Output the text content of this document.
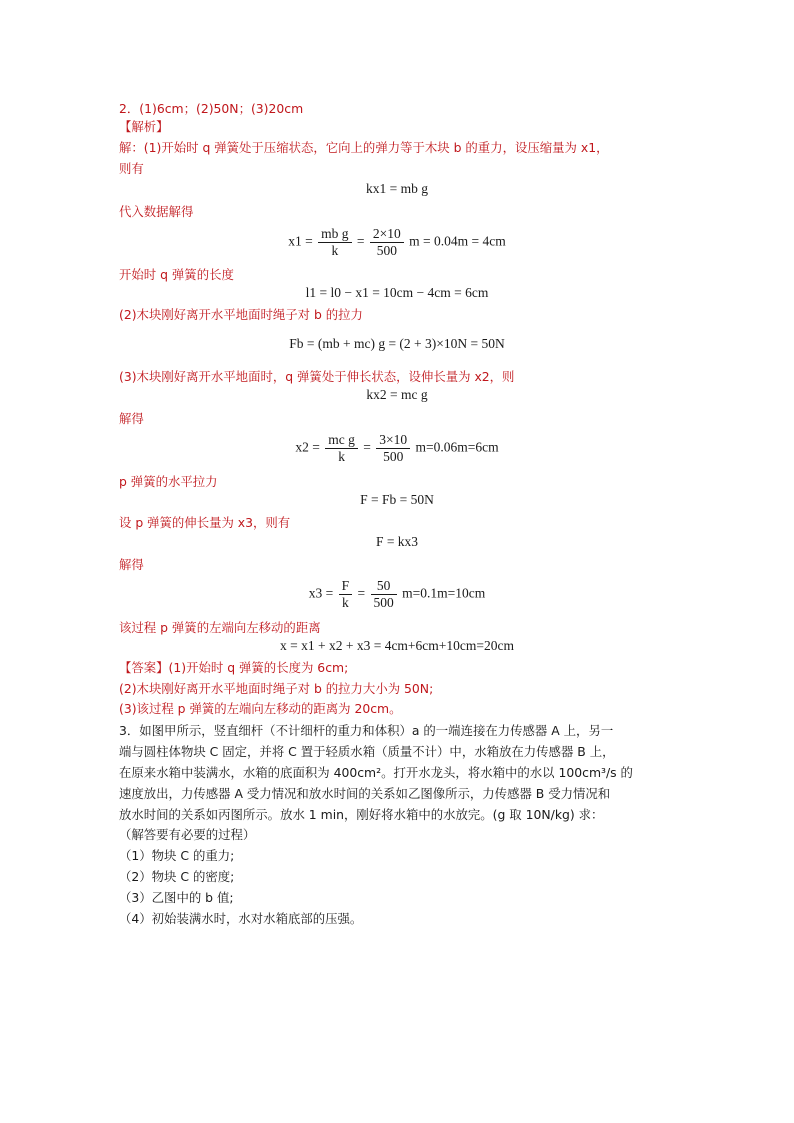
2．(1)6cm；(2)50N；(3)20cm
【解析】
解：(1)开始时 q 弹簧处于压缩状态，它向上的弹力等于木块 b 的重力，设压缩量为 x1，
则有
kx1 = mb g
代入数据解得
$x1 = \frac{\text{mb g}}{k} = \frac{2\times 10}{500}$ m = 0.04m = 4cm
开始时 q 弹簧的长度
l1 = l0 − x1 = 10cm − 4cm = 6cm
(2)木块刚好离开水平地面时绳子对 b 的拉力
Fb = (mb + mc) g = (2 + 3)×10N = 50N
(3)木块刚好离开水平地面时，q 弹簧处于伸长状态，设伸长量为 x2，则
kx2 = mc g
解得
$x2 = \frac{\text{mc g}}{k} = \frac{3\times 10}{500} m=0.06m=6cm$
p 弹簧的水平拉力
F = Fb = 50N
设 p 弹簧的伸长量为 x3，则有
F = kx3
解得
$x3 = \frac{F}{k} = \frac{50}{500} m=0.1m=10cm$
该过程 p 弹簧的左端向左移动的距离
x = x1 + x2 + x3 = 4cm+6cm+10cm=20cm
【答案】(1)开始时 q 弹簧的长度为 6cm;
(2)木块刚好离开水平地面时绳子对 b 的拉力大小为 50N;
(3)该过程 p 弹簧的左端向左移动的距离为 20cm。
3．如图甲所示，竖直细杆（不计细杆的重力和体积）a 的一端连接在力传感器 A 上，另一
端与圆柱体物块 C 固定，并将 C 置于轻质水箱（质量不计）中，水箱放在力传感器 B 上，
在原来水箱中装满水，水箱的底面积为 400cm²。打开水龙头，将水箱中的水以 100cm³/s 的
速度放出，力传感器 A 受力情况和放水时间的关系如乙图像所示，力传感器 B 受力情况和
放水时间的关系如丙图所示。放水 1 min，刚好将水箱中的水放完。(g 取 10N/kg) 求：
（解答要有必要的过程）
（1）物块 C 的重力;
（2）物块 C 的密度;
（3）乙图中的 b 值;
（4）初始装满水时，水对水箱底部的压强。
